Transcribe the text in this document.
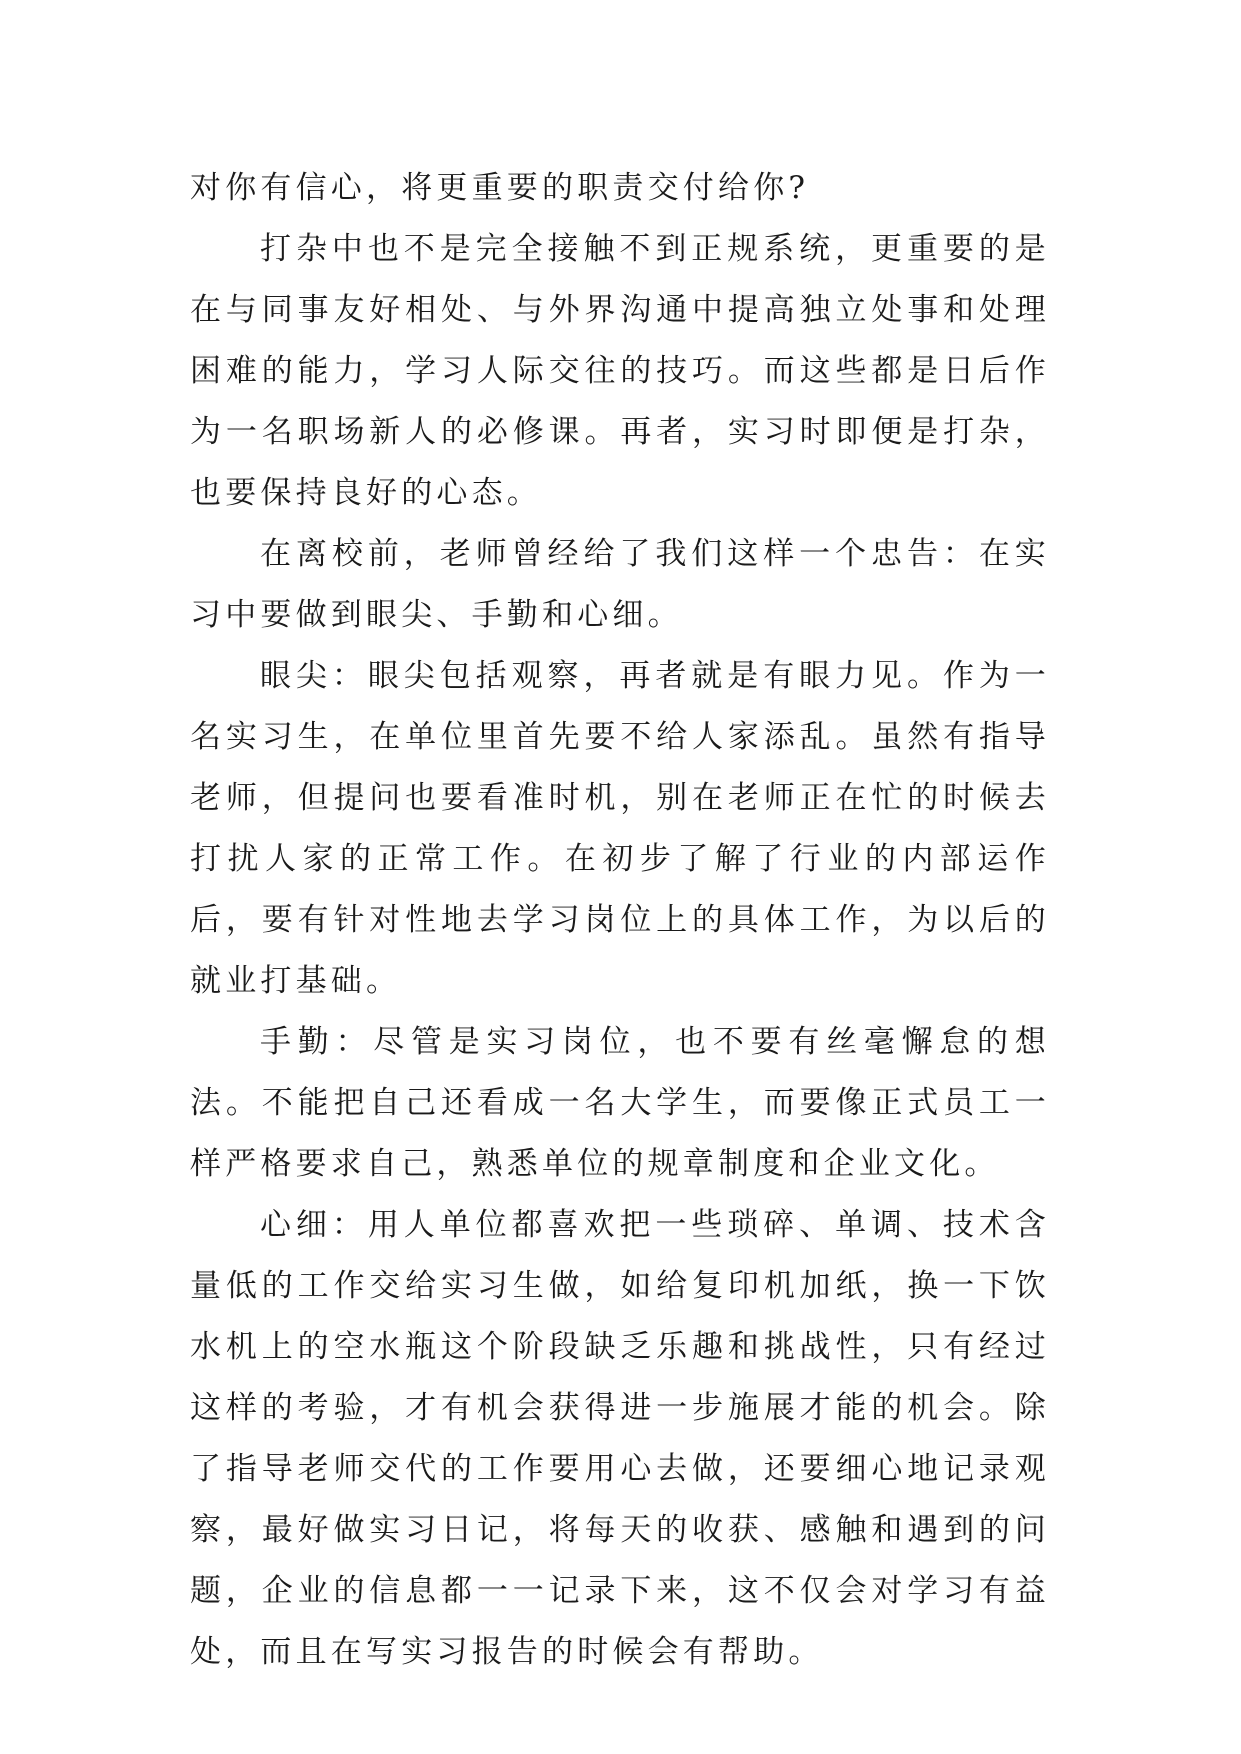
对你有信心，将更重要的职责交付给你?

打杂中也不是完全接触不到正规系统，更重要的是在与同事友好相处、与外界沟通中提高独立处事和处理困难的能力，学习人际交往的技巧。而这些都是日后作为一名职场新人的必修课。再者，实习时即便是打杂，也要保持良好的心态。

在离校前，老师曾经给了我们这样一个忠告：在实习中要做到眼尖、手勤和心细。

眼尖：眼尖包括观察，再者就是有眼力见。作为一名实习生，在单位里首先要不给人家添乱。虽然有指导老师，但提问也要看准时机，别在老师正在忙的时候去打扰人家的正常工作。在初步了解了行业的内部运作后，要有针对性地去学习岗位上的具体工作，为以后的就业打基础。

手勤：尽管是实习岗位，也不要有丝毫懈怠的想法。不能把自己还看成一名大学生，而要像正式员工一样严格要求自己，熟悉单位的规章制度和企业文化。

心细：用人单位都喜欢把一些琐碎、单调、技术含量低的工作交给实习生做，如给复印机加纸，换一下饮水机上的空水瓶这个阶段缺乏乐趣和挑战性，只有经过这样的考验，才有机会获得进一步施展才能的机会。除了指导老师交代的工作要用心去做，还要细心地记录观察，最好做实习日记，将每天的收获、感触和遇到的问题，企业的信息都一一记录下来，这不仅会对学习有益处，而且在写实习报告的时候会有帮助。
